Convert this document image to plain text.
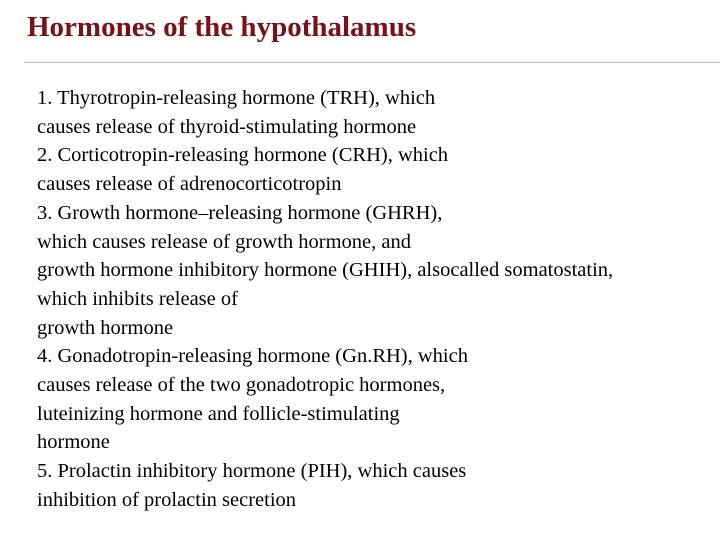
Hormones of the hypothalamus
1. Thyrotropin-releasing hormone (TRH), which
causes release of thyroid-stimulating hormone
2. Corticotropin-releasing hormone (CRH), which
causes release of adrenocorticotropin
3. Growth hormone–releasing hormone (GHRH),
which causes release of growth hormone, and
growth hormone inhibitory hormone (GHIH), alsocalled somatostatin,
which inhibits release of
growth hormone
4. Gonadotropin-releasing hormone (Gn.RH), which
causes release of the two gonadotropic hormones,
luteinizing hormone and follicle-stimulating
hormone
5. Prolactin inhibitory hormone (PIH), which causes
inhibition of prolactin secretion
